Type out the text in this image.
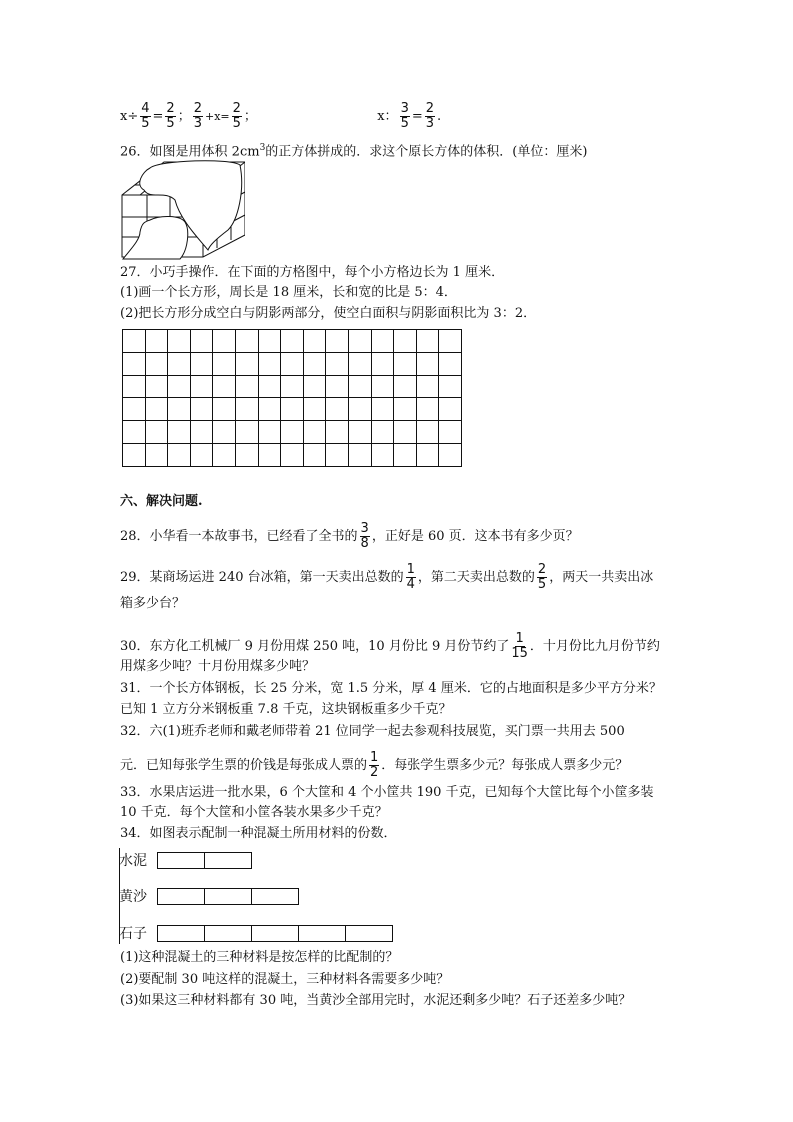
$x\div \frac{4}{5} = \frac{2}{5}$ ； $\frac{2}{3} +x= \frac{2}{5}$ ；	x： $\frac{3}{5} = \frac{2}{3}$ .
26．如图是用体积 $2cm^3$的正方体拼成的．求这个原长方体的体积．(单位：厘米)
27．小巧手操作．在下面的方格图中，每个小方格边长为 1 厘米．
(1)画一个长方形，周长是 18 厘米，长和宽的比是 5：4．
(2)把长方形分成空白与阴影两部分，使空白面积与阴影面积比为 3：2．

六、解决问题.
28．小华看一本故事书，已经看了全书的 $\frac{3}{8}$ ，正好是 60 页．这本书有多少页？
29．某商场运进 240 台冰箱，第一天卖出总数的 $\frac{1}{4}$ ，第二天卖出总数的 $\frac{2}{5}$ ，两天一共卖出冰
箱多少台？
30．东方化工机械厂 9 月份用煤 250 吨，10 月份比 9 月份节约了 $\frac{1}{15}$ ．十月份比九月份节约
用煤多少吨？十月份用煤多少吨？
31．一个长方体钢板，长 25 分米，宽 1.5 分米，厚 4 厘米．它的占地面积是多少平方分米？
已知 1 立方分米钢板重 7.8 千克，这块钢板重多少千克？
32．六(1)班乔老师和戴老师带着 21 位同学一起去参观科技展览，买门票一共用去 500
元．已知每张学生票的价钱是每张成人票的 $\frac{1}{2}$ ．每张学生票多少元？每张成人票多少元？
33．水果店运进一批水果，6 个大筐和 4 个小筐共 190 千克，已知每个大筐比每个小筐多装
10 千克．每个大筐和小筐各装水果多少千克？
34．如图表示配制一种混凝土所用材料的份数．
水泥
黄沙
石子
(1)这种混凝土的三种材料是按怎样的比配制的？
(2)要配制 30 吨这样的混凝土，三种材料各需要多少吨？
(3)如果这三种材料都有 30 吨，当黄沙全部用完时，水泥还剩多少吨？石子还差多少吨？
